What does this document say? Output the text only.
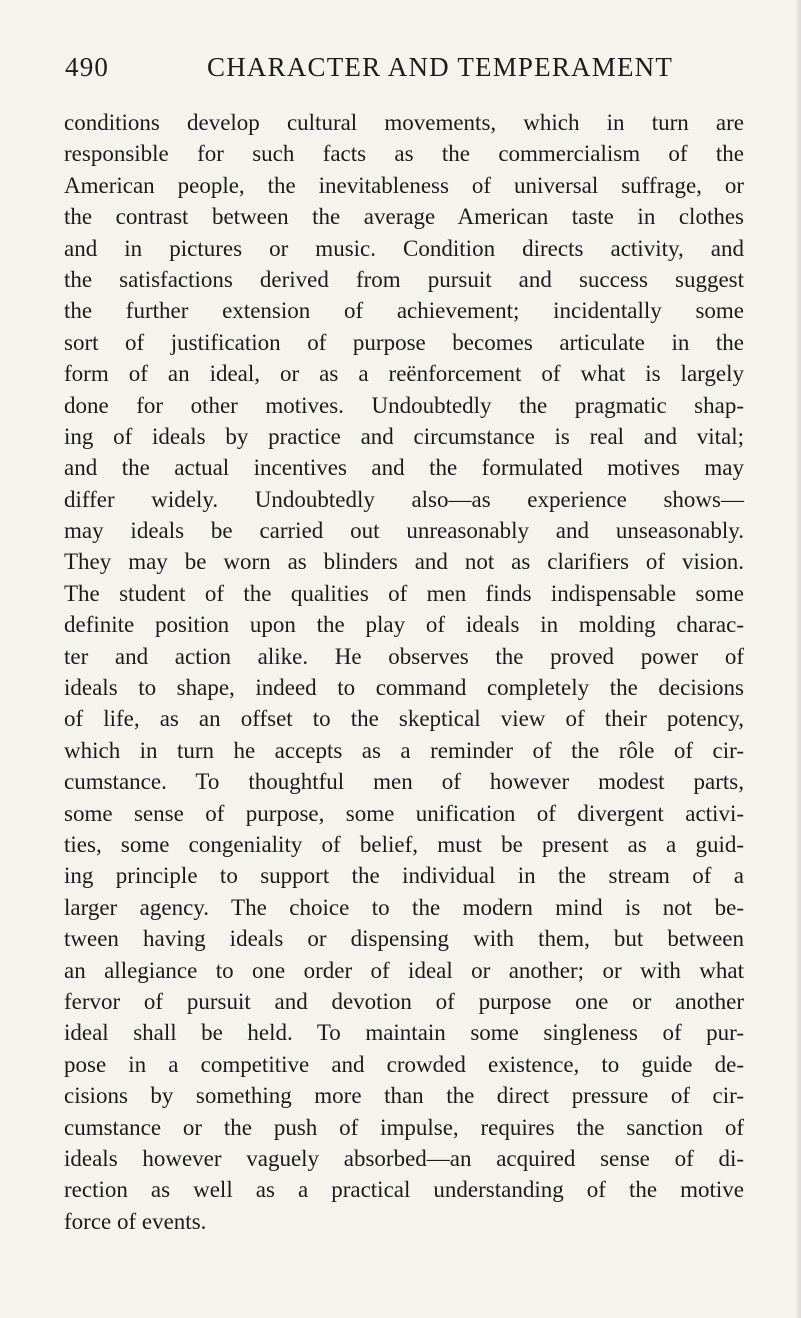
490	CHARACTER AND TEMPERAMENT
conditions develop cultural movements, which in turn are
responsible for such facts as the commercialism of the
American people, the inevitableness of universal suffrage, or
the contrast between the average American taste in clothes
and in pictures or music. Condition directs activity, and
the satisfactions derived from pursuit and success suggest
the further extension of achievement; incidentally some
sort of justification of purpose becomes articulate in the
form of an ideal, or as a reënforcement of what is largely
done for other motives. Undoubtedly the pragmatic shap-
ing of ideals by practice and circumstance is real and vital;
and the actual incentives and the formulated motives may
differ widely. Undoubtedly also—as experience shows—
may ideals be carried out unreasonably and unseasonably.
They may be worn as blinders and not as clarifiers of vision.
The student of the qualities of men finds indispensable some
definite position upon the play of ideals in molding charac-
ter and action alike. He observes the proved power of
ideals to shape, indeed to command completely the decisions
of life, as an offset to the skeptical view of their potency,
which in turn he accepts as a reminder of the rôle of cir-
cumstance. To thoughtful men of however modest parts,
some sense of purpose, some unification of divergent activi-
ties, some congeniality of belief, must be present as a guid-
ing principle to support the individual in the stream of a
larger agency. The choice to the modern mind is not be-
tween having ideals or dispensing with them, but between
an allegiance to one order of ideal or another; or with what
fervor of pursuit and devotion of purpose one or another
ideal shall be held. To maintain some singleness of pur-
pose in a competitive and crowded existence, to guide de-
cisions by something more than the direct pressure of cir-
cumstance or the push of impulse, requires the sanction of
ideals however vaguely absorbed—an acquired sense of di-
rection as well as a practical understanding of the motive
force of events.
